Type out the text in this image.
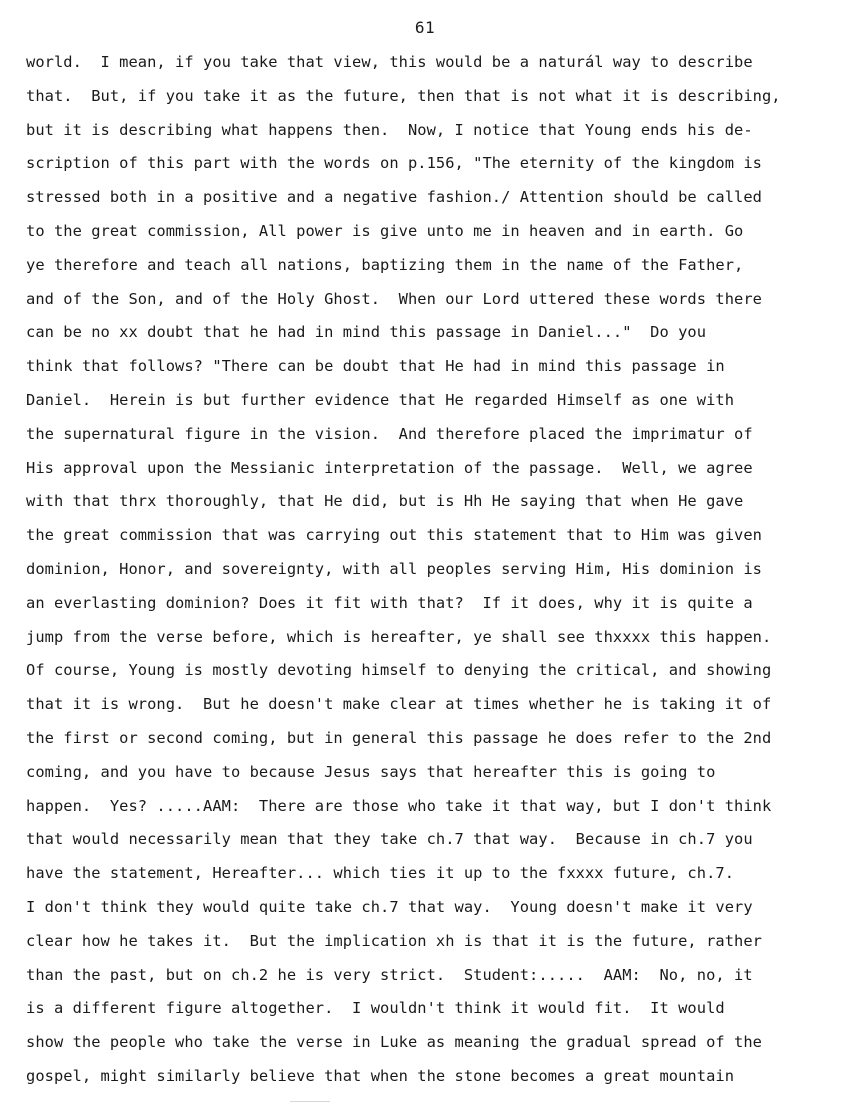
61
world.  I mean, if you take that view, this would be a naturál way to describe
that.  But, if you take it as the future, then that is not what it is describing,
but it is describing what happens then.  Now, I notice that Young ends his de-
scription of this part with the words on p.156, "The eternity of the kingdom is
stressed both in a positive and a negative fashion./ Attention should be called
to the great commission, All power is give unto me in heaven and in earth. Go
ye therefore and teach all nations, baptizing them in the name of the Father,
and of the Son, and of the Holy Ghost.  When our Lord uttered these words there
can be no xx doubt that he had in mind this passage in Daniel..."  Do you
think that follows? "There can be doubt that He had in mind this passage in
Daniel.  Herein is but further evidence that He regarded Himself as one with
the supernatural figure in the vision.  And therefore placed the imprimatur of
His approval upon the Messianic interpretation of the passage.  Well, we agree
with that thrx thoroughly, that He did, but is Hh He saying that when He gave
the great commission that was carrying out this statement that to Him was given
dominion, Honor, and sovereignty, with all peoples serving Him, His dominion is
an everlasting dominion? Does it fit with that?  If it does, why it is quite a
jump from the verse before, which is hereafter, ye shall see thxxxx this happen.
Of course, Young is mostly devoting himself to denying the critical, and showing
that it is wrong.  But he doesn't make clear at times whether he is taking it of
the first or second coming, but in general this passage he does refer to the 2nd
coming, and you have to because Jesus says that hereafter this is going to
happen.  Yes? .....AAM:  There are those who take it that way, but I don't think
that would necessarily mean that they take ch.7 that way.  Because in ch.7 you
have the statement, Hereafter... which ties it up to the fxxxx future, ch.7.
I don't think they would quite take ch.7 that way.  Young doesn't make it very
clear how he takes it.  But the implication xh is that it is the future, rather
than the past, but on ch.2 he is very strict.  Student:.....  AAM:  No, no, it
is a different figure altogether.  I wouldn't think it would fit.  It would
show the people who take the verse in Luke as meaning the gradual spread of the
gospel, might similarly believe that when the stone becomes a great mountain
